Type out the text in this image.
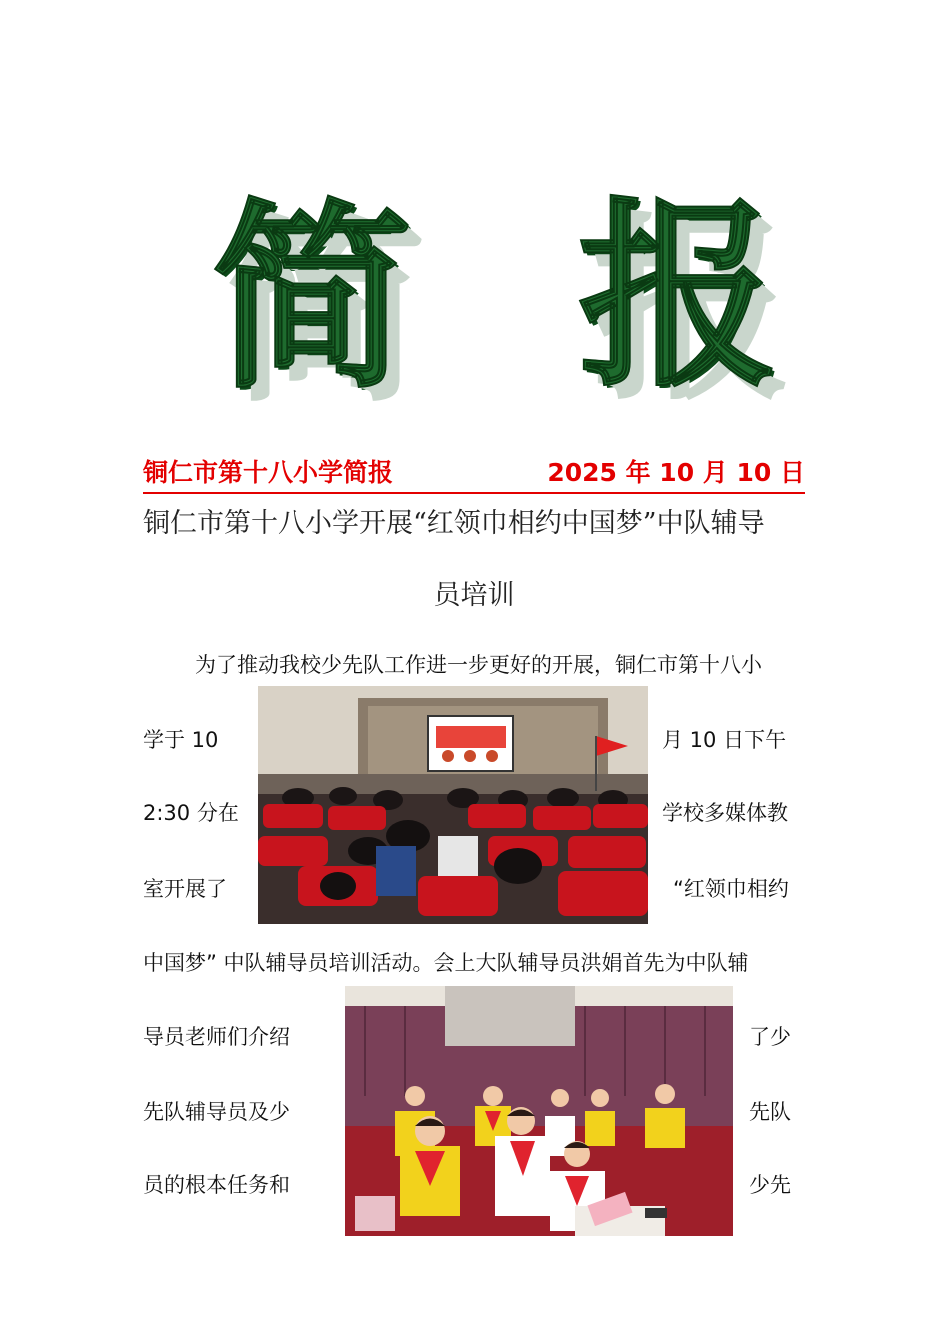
简 报
铜仁市第十八小学简报	2025 年 10 月 10 日
铜仁市第十八小学开展“红领巾相约中国梦”中队辅导
员培训
为了推动我校少先队工作进一步更好的开展，铜仁市第十八小
学于 10	月 10 日下午
2:30 分在	学校多媒体教
室开展了	“红领巾相约
中国梦” 中队辅导员培训活动。会上大队辅导员洪娟首先为中队辅
导员老师们介绍	了少
先队辅导员及少	先队
员的根本任务和	少先
